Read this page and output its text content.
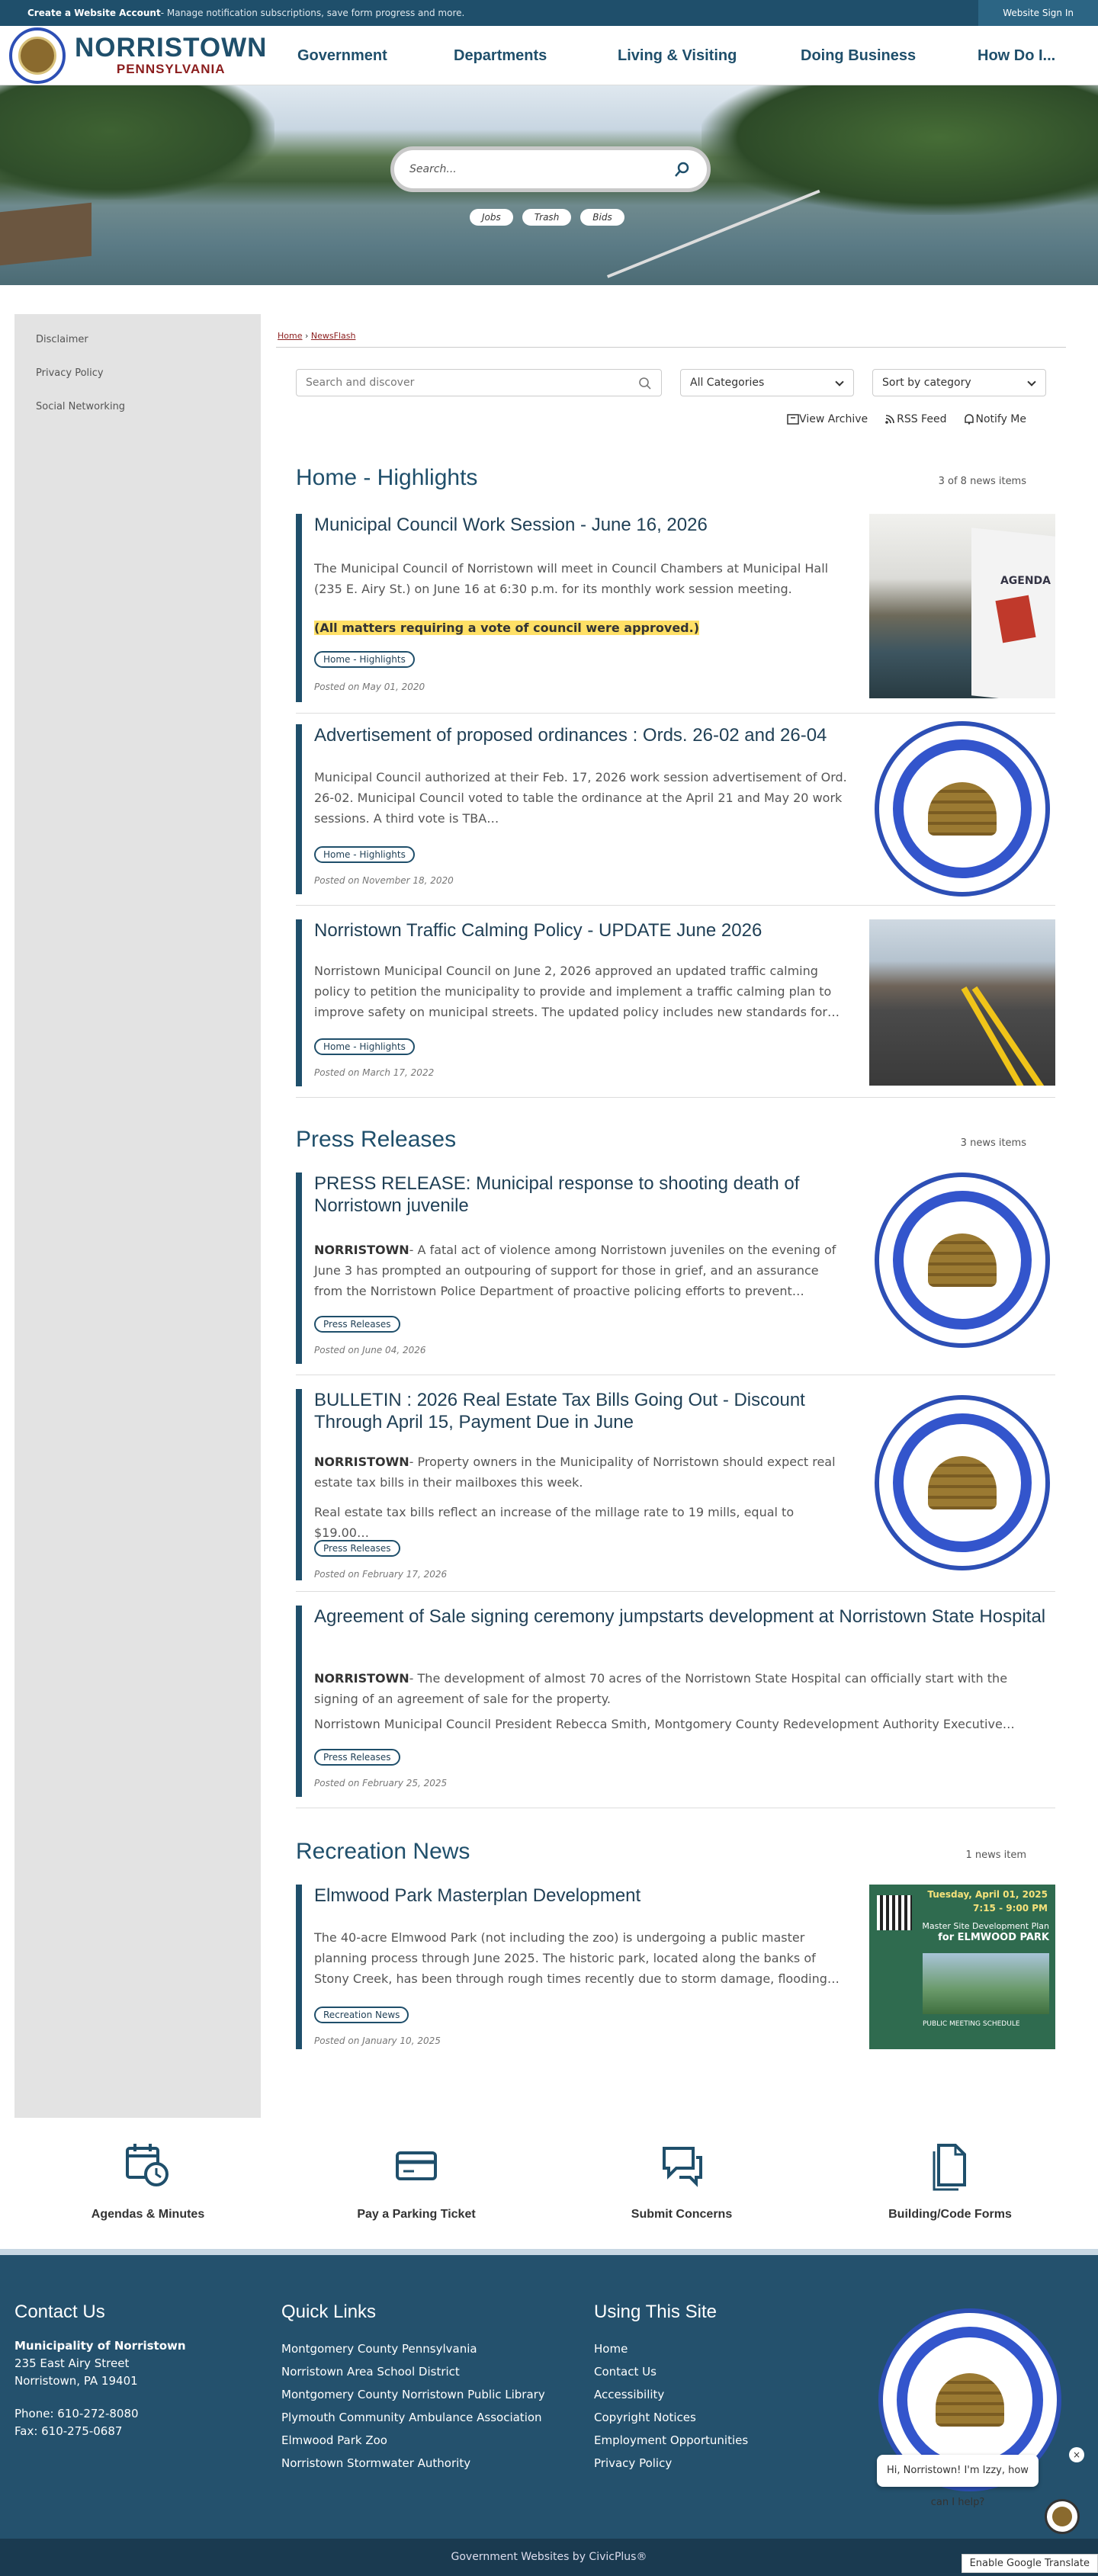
Create a Website Account - Manage notification subscriptions, save form progress and more.	Website Sign In
NORRISTOWN
PENNSYLVANIA
Government	Departments	Living & Visiting	Doing Business	How Do I...
Search...
Jobs	Trash	Bids
Disclaimer
Privacy Policy
Social Networking
Home › NewsFlash
Search and discover	All Categories	Sort by category
View Archive	RSS Feed	Notify Me
Home - Highlights	3 of 8 news items
Municipal Council Work Session - June 16, 2026
The Municipal Council of Norristown will meet in Council Chambers at Municipal Hall (235 E. Airy St.) on June 16 at 6:30 p.m. for its monthly work session meeting.
(All matters requiring a vote of council were approved.)
Home - Highlights
Posted on May 01, 2020
AGENDA
Advertisement of proposed ordinances : Ords. 26-02 and 26-04
Municipal Council authorized at their Feb. 17, 2026 work session advertisement of Ord. 26-02. Municipal Council voted to table the ordinance at the April 21 and May 20 work sessions. A third vote is TBA…
Home - Highlights
Posted on November 18, 2020
Norristown Traffic Calming Policy - UPDATE June 2026
Norristown Municipal Council on June 2, 2026 approved an updated traffic calming policy to petition the municipality to provide and implement a traffic calming plan to improve safety on municipal streets. The updated policy includes new standards for…
Home - Highlights
Posted on March 17, 2022
Press Releases	3 news items
PRESS RELEASE: Municipal response to shooting death of Norristown juvenile
NORRISTOWN- A fatal act of violence among Norristown juveniles on the evening of June 3 has prompted an outpouring of support for those in grief, and an assurance from the Norristown Police Department of proactive policing efforts to prevent…
Press Releases
Posted on June 04, 2026
BULLETIN : 2026 Real Estate Tax Bills Going Out - Discount Through April 15, Payment Due in June
NORRISTOWN- Property owners in the Municipality of Norristown should expect real estate tax bills in their mailboxes this week.
Real estate tax bills reflect an increase of the millage rate to 19 mills, equal to $19.00…
Press Releases
Posted on February 17, 2026
Agreement of Sale signing ceremony jumpstarts development at Norristown State Hospital
NORRISTOWN- The development of almost 70 acres of the Norristown State Hospital can officially start with the signing of an agreement of sale for the property.
Norristown Municipal Council President Rebecca Smith, Montgomery County Redevelopment Authority Executive…
Press Releases
Posted on February 25, 2025
Recreation News	1 news item
Elmwood Park Masterplan Development
The 40-acre Elmwood Park (not including the zoo) is undergoing a public master planning process through June 2025. The historic park, located along the banks of Stony Creek, has been through rough times recently due to storm damage, flooding…
Recreation News
Posted on January 10, 2025
Tuesday, April 01, 2025
7:15 - 9:00 PM
Master Site Development Plan
for ELMWOOD PARK
PUBLIC MEETING SCHEDULE
Agendas & Minutes	Pay a Parking Ticket	Submit Concerns	Building/Code Forms
Contact Us
Municipality of Norristown
235 East Airy Street
Norristown, PA 19401
Phone: 610-272-8080
Fax: 610-275-0687
Quick Links
Montgomery County Pennsylvania
Norristown Area School District
Montgomery County Norristown Public Library
Plymouth Community Ambulance Association
Elmwood Park Zoo
Norristown Stormwater Authority
Using This Site
Home
Contact Us
Accessibility
Copyright Notices
Employment Opportunities
Privacy Policy
Hi, Norristown! I'm Izzy, how can I help?
×
Government Websites by CivicPlus®
Enable Google Translate
